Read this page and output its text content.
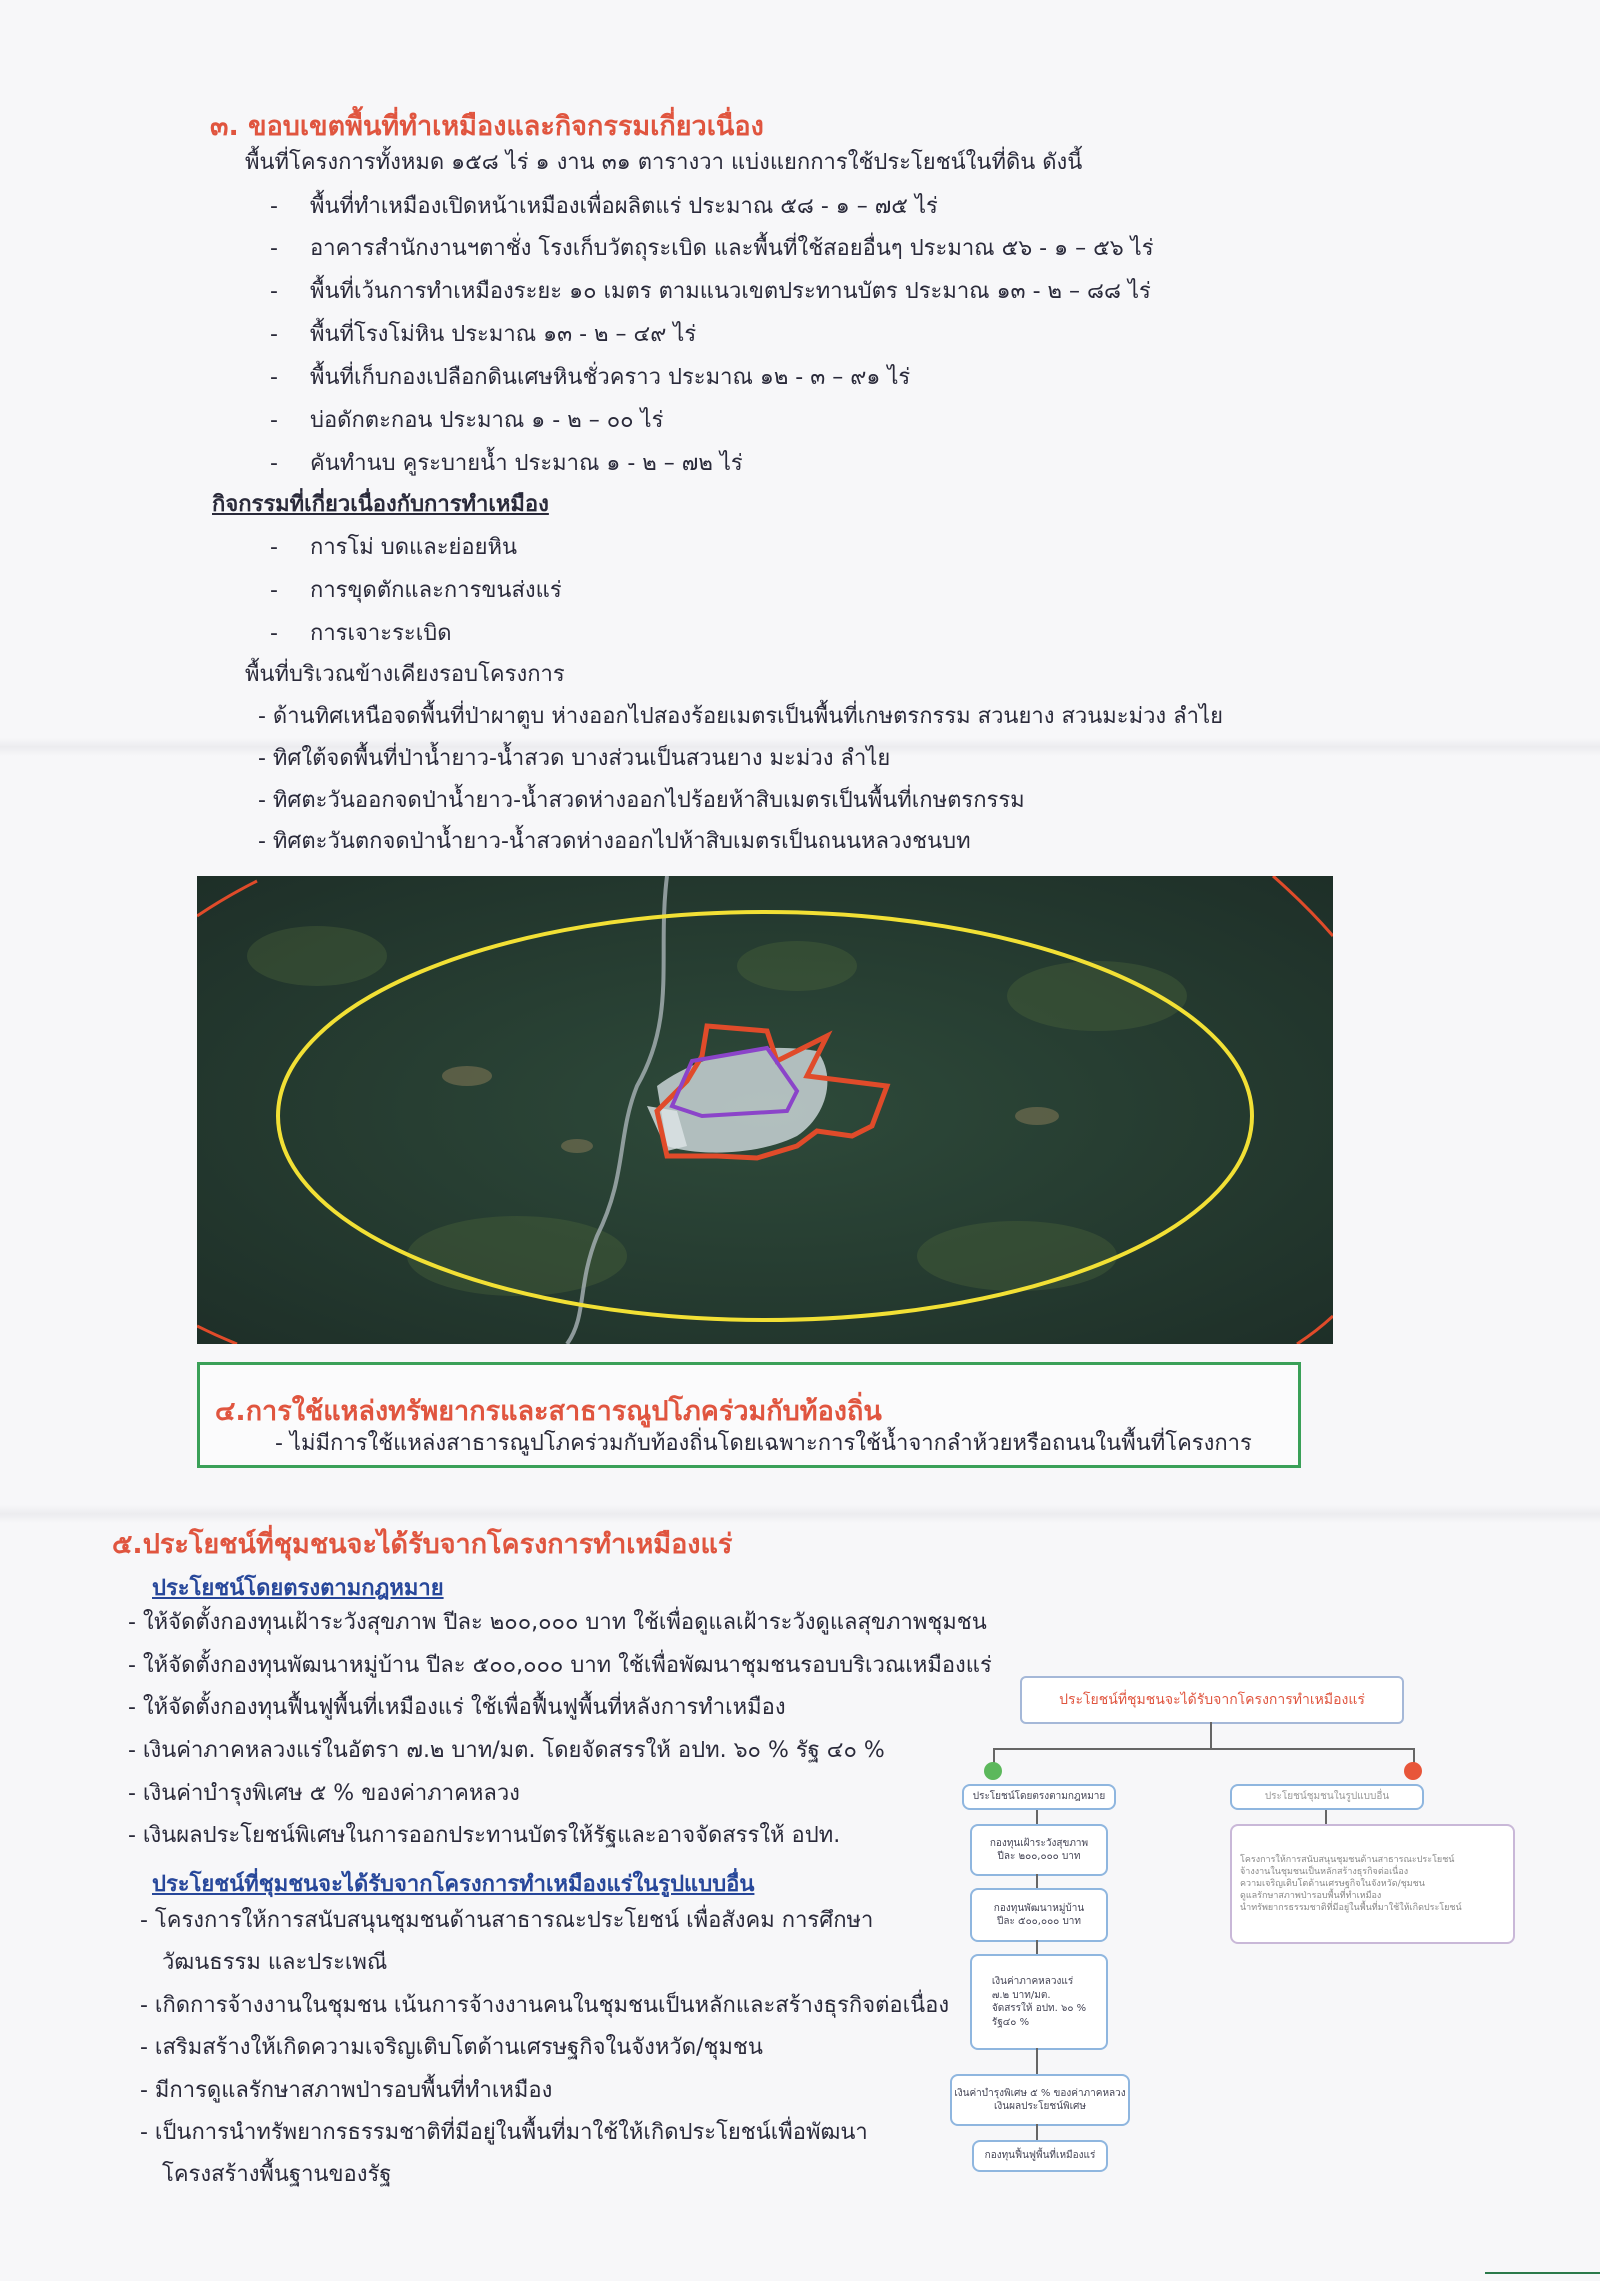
๓. ขอบเขตพื้นที่ทำเหมืองและกิจกรรมเกี่ยวเนื่อง
พื้นที่โครงการทั้งหมด ๑๕๘ ไร่ ๑ งาน ๓๑ ตารางวา แบ่งแยกการใช้ประโยชน์ในที่ดิน ดังนี้
- พื้นที่ทำเหมืองเปิดหน้าเหมืองเพื่อผลิตแร่ ประมาณ ๕๘ - ๑ – ๗๕ ไร่
- อาคารสำนักงานฯตาชั่ง โรงเก็บวัตถุระเบิด และพื้นที่ใช้สอยอื่นๆ ประมาณ ๕๖ - ๑ – ๕๖ ไร่
- พื้นที่เว้นการทำเหมืองระยะ ๑๐ เมตร ตามแนวเขตประทานบัตร ประมาณ ๑๓ - ๒ – ๘๘ ไร่
- พื้นที่โรงโม่หิน ประมาณ ๑๓ - ๒ – ๔๙ ไร่
- พื้นที่เก็บกองเปลือกดินเศษหินชั่วคราว ประมาณ ๑๒ - ๓ – ๙๑ ไร่
- บ่อดักตะกอน ประมาณ ๑ - ๒ – ๐๐ ไร่
- คันทำนบ คูระบายน้ำ ประมาณ ๑ - ๒ – ๗๒ ไร่
กิจกรรมที่เกี่ยวเนื่องกับการทำเหมือง
- การโม่ บดและย่อยหิน
- การขุดตักและการขนส่งแร่
- การเจาะระเบิด
พื้นที่บริเวณข้างเคียงรอบโครงการ
- ด้านทิศเหนือจดพื้นที่ป่าผาตูบ ห่างออกไปสองร้อยเมตรเป็นพื้นที่เกษตรกรรม สวนยาง สวนมะม่วง ลำไย
- ทิศใต้จดพื้นที่ป่าน้ำยาว-น้ำสวด บางส่วนเป็นสวนยาง มะม่วง ลำไย
- ทิศตะวันออกจดป่าน้ำยาว-น้ำสวดห่างออกไปร้อยห้าสิบเมตรเป็นพื้นที่เกษตรกรรม
- ทิศตะวันตกจดป่าน้ำยาว-น้ำสวดห่างออกไปห้าสิบเมตรเป็นถนนหลวงชนบท
๔.การใช้แหล่งทรัพยากรและสาธารณูปโภคร่วมกับท้องถิ่น
- ไม่มีการใช้แหล่งสาธารณูปโภคร่วมกับท้องถิ่นโดยเฉพาะการใช้น้ำจากลำห้วยหรือถนนในพื้นที่โครงการ
๕.ประโยชน์ที่ชุมชนจะได้รับจากโครงการทำเหมืองแร่
ประโยชน์โดยตรงตามกฎหมาย
- ให้จัดตั้งกองทุนเฝ้าระวังสุขภาพ ปีละ ๒๐๐,๐๐๐ บาท ใช้เพื่อดูแลเฝ้าระวังดูแลสุขภาพชุมชน
- ให้จัดตั้งกองทุนพัฒนาหมู่บ้าน ปีละ ๕๐๐,๐๐๐ บาท ใช้เพื่อพัฒนาชุมชนรอบบริเวณเหมืองแร่
- ให้จัดตั้งกองทุนฟื้นฟูพื้นที่เหมืองแร่ ใช้เพื่อฟื้นฟูพื้นที่หลังการทำเหมือง
- เงินค่าภาคหลวงแร่ในอัตรา ๗.๒ บาท/มต. โดยจัดสรรให้ อปท. ๖๐ % รัฐ ๔๐ %
- เงินค่าบำรุงพิเศษ ๕ % ของค่าภาคหลวง
- เงินผลประโยชน์พิเศษในการออกประทานบัตรให้รัฐและอาจจัดสรรให้ อปท.
ประโยชน์ที่ชุมชนจะได้รับจากโครงการทำเหมืองแร่ในรูปแบบอื่น
- โครงการให้การสนับสนุนชุมชนด้านสาธารณะประโยชน์ เพื่อสังคม การศึกษา
วัฒนธรรม และประเพณี
- เกิดการจ้างงานในชุมชน เน้นการจ้างงานคนในชุมชนเป็นหลักและสร้างธุรกิจต่อเนื่อง
- เสริมสร้างให้เกิดความเจริญเติบโตด้านเศรษฐกิจในจังหวัด/ชุมชน
- มีการดูแลรักษาสภาพป่ารอบพื้นที่ทำเหมือง
- เป็นการนำทรัพยากรธรรมชาติที่มีอยู่ในพื้นที่มาใช้ให้เกิดประโยชน์เพื่อพัฒนา
โครงสร้างพื้นฐานของรัฐ
ประโยชน์ที่ชุมชนจะได้รับจากโครงการทำเหมืองแร่
ประโยชน์โดยตรงตามกฎหมาย	ประโยชน์ชุมชนในรูปแบบอื่น
กองทุนเฝ้าระวังสุขภาพ
ปีละ ๒๐๐,๐๐๐ บาท
กองทุนพัฒนาหมู่บ้าน
ปีละ ๕๐๐,๐๐๐ บาท
เงินค่าภาคหลวงแร่
๗.๒ บาท/มต.
จัดสรรให้ อปท. ๖๐ %
รัฐ๔๐ %
เงินค่าบำรุงพิเศษ ๕ % ของค่าภาคหลวง
เงินผลประโยชน์พิเศษ
กองทุนฟื้นฟูพื้นที่เหมืองแร่
โครงการให้การสนับสนุนชุมชนด้านสาธารณะประโยชน์
จ้างงานในชุมชนเป็นหลักสร้างธุรกิจต่อเนื่อง
ความเจริญเติบโตด้านเศรษฐกิจในจังหวัด/ชุมชน
ดูแลรักษาสภาพป่ารอบพื้นที่ทำเหมือง
นำทรัพยากรธรรมชาติที่มีอยู่ในพื้นที่มาใช้ให้เกิดประโยชน์
